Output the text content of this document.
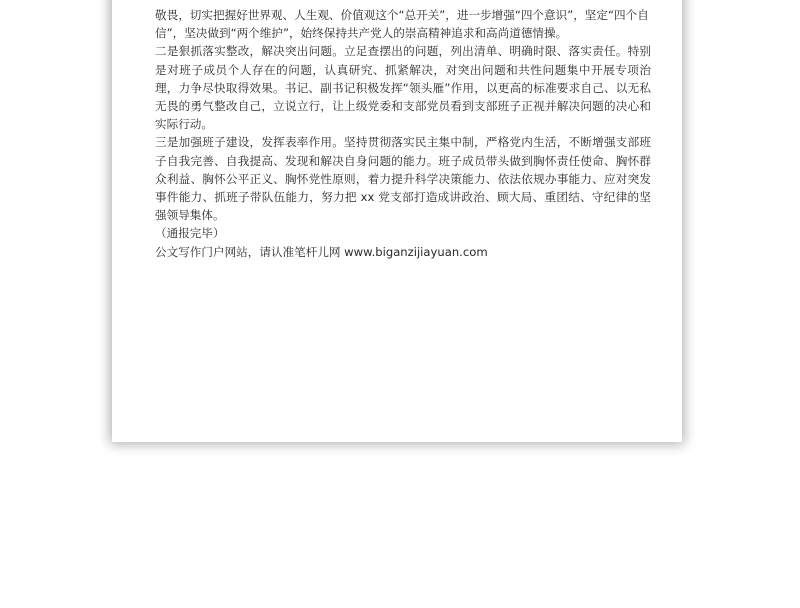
敬畏，切实把握好世界观、人生观、价值观这个“总开关”，进一步增强“四个意识”，坚定“四个自

信”，坚决做到“两个维护”，始终保持共产党人的崇高精神追求和高尚道德情操。

二是狠抓落实整改，解决突出问题。立足查摆出的问题，列出清单、明确时限、落实责任。特别是对班子成员个人存在的问题，认真研究、抓紧解决，对突出问题和共性问题集中开展专项治理，力争尽快取得效果。书记、副书记积极发挥“领头雁”作用，以更高的标准要求自己、以无私无畏的勇气整改自己，立说立行，让上级党委和支部党员看到支部班子正视并解决问题的决心和实际行动。

三是加强班子建设，发挥表率作用。坚持贯彻落实民主集中制，严格党内生活，不断增强支部班子自我完善、自我提高、发现和解决自身问题的能力。班子成员带头做到胸怀责任使命、胸怀群众利益、胸怀公平正义、胸怀党性原则，着力提升科学决策能力、依法依规办事能力、应对突发事件能力、抓班子带队伍能力，努力把 xx 党支部打造成讲政治、顾大局、重团结、守纪律的坚强领导集体。

（通报完毕）

公文写作门户网站，请认准笔杆儿网 www.biganzijiayuan.com
